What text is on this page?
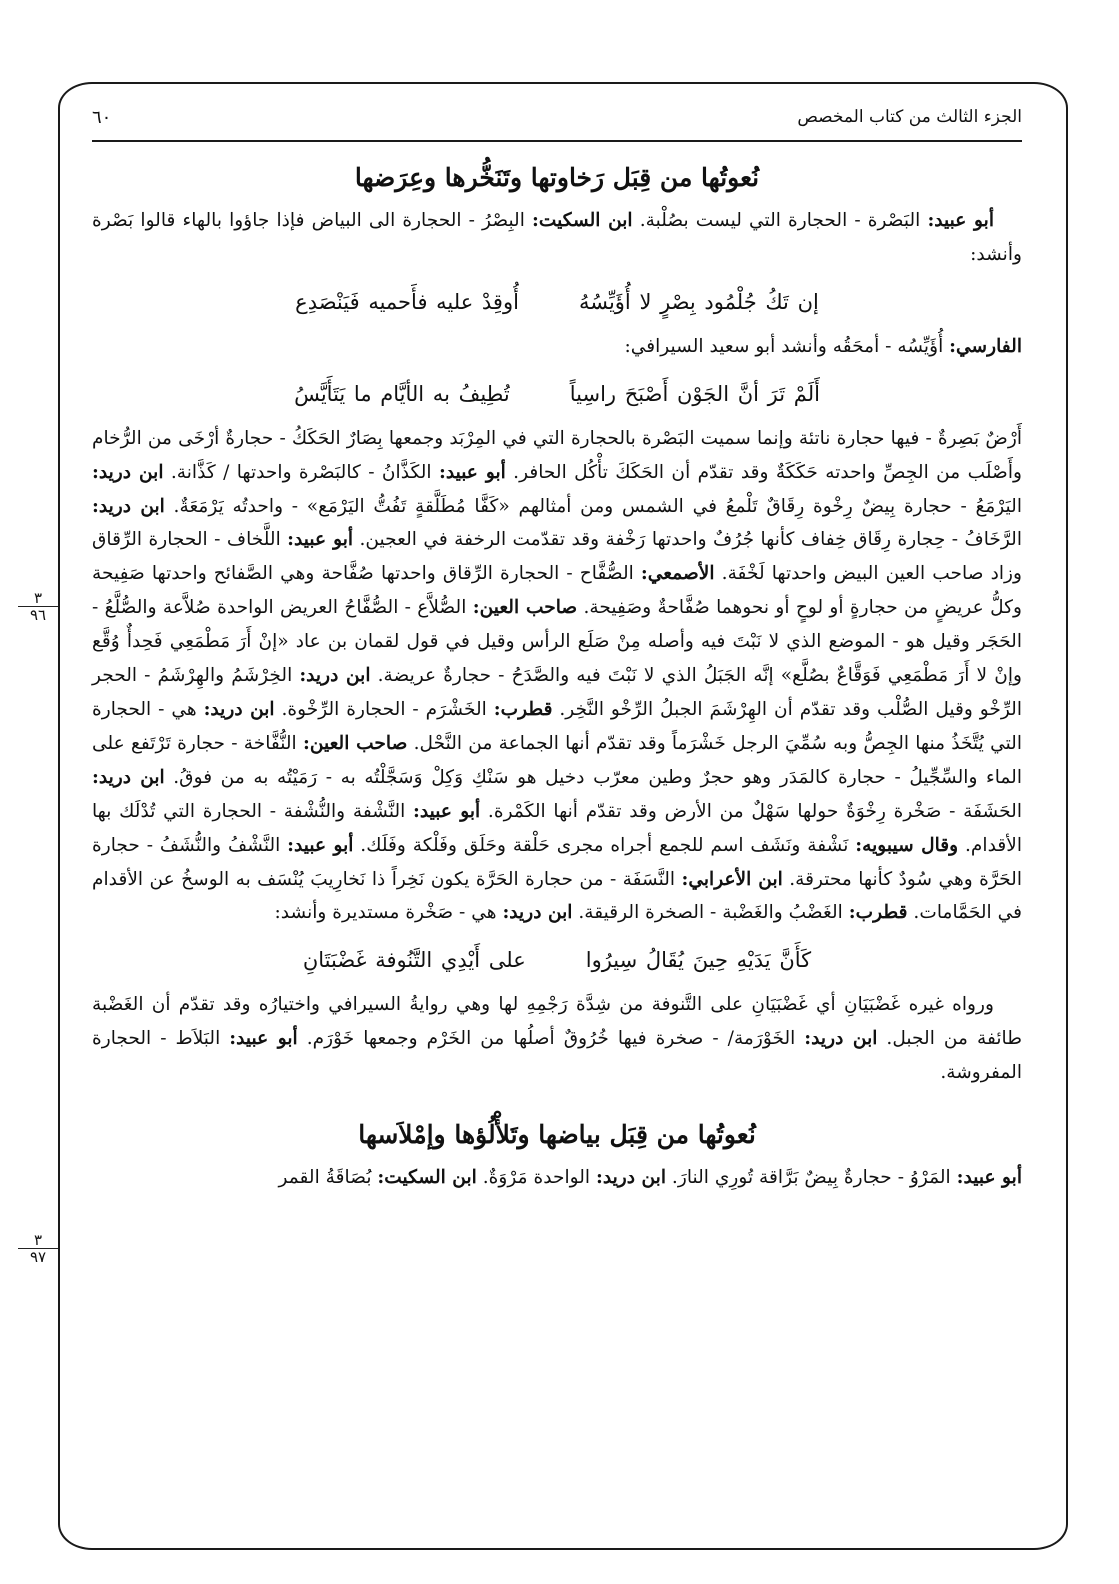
الجزء الثالث من كتاب المخصص
٦٠
٣
٩٦
٣
٩٧
نُعوتُها من قِبَل رَخاوتها وتَنَخُّرها وعِرَضها

أبو عبيد: البَصْرة - الحجارة التي ليست بصُلْبة. ابن السكيت: البِصْرُ - الحجارة الى البياض فإذا جاؤوا بالهاء قالوا بَصْرة وأنشد:

إن تَكُ جُلْمُود بِصْرٍ لا أُؤَيِّسُهُ
أُوقِدْ عليه فأَحميه فَيَنْصَدِع

الفارسي: أُؤَيِّسُه - أمحَقُه وأنشد أبو سعيد السيرافي:

أَلَمْ تَرَ أنَّ الجَوْن أَصْبَحَ راسِياً
تُطِيفُ به الأيَّام ما يَتَأَيَّسُ

أَرْضٌ بَصِرةٌ - فيها حجارة ناتئة وإنما سميت البَصْرة بالحجارة التي في المِرْبَد وجمعها بِصَارٌ الحَكَكُ - حجارةٌ أرْخَى من الرُّخام وأَصْلَب من الجِصِّ واحدته حَكَكَةٌ وقد تقدّم أن الحَكَكَ تأْكُل الحافر. أبو عبيد: الكَذَّانُ - كالبَصْرة واحدتها / كَذَّانة. ابن دريد: اليَرْمَعُ - حجارة بِيضٌ رِخْوة رِقَاقٌ تَلْمعُ في الشمس ومن أمثالهم «كَفَّا مُطَلَّقةٍ تَفُتُّ اليَرْمَع» - واحدتُه يَرْمَعَةٌ. ابن دريد: الرَّخَافُ - حِجارة رِقَاق خِفاف كأنها جُرُفٌ واحدتها رَخْفة وقد تقدّمت الرخفة في العجين. أبو عبيد: اللَّخاف - الحجارة الرِّقاق وزاد صاحب العين البيض واحدتها لَخْفَة. الأصمعي: الصُّفَّاح - الحجارة الرِّقاق واحدتها صُفَّاحة وهي الصَّفائح واحدتها صَفِيحة وكلُّ عريضٍ من حجارةٍ أو لوحٍ أو نحوهما صُفَّاحةٌ وصَفِيحة. صاحب العين: الصُّلاَّع - الصُّفَّاحُ العريض الواحدة صُلاَّعة والصُّلَّعُ - الحَجَر وقيل هو - الموضع الذي لا نَبْتَ فيه وأصله مِنْ صَلَع الرأس وقيل في قول لقمان بن عاد «إنْ أَرَ مَطْمَعِي فَحِدأٌ وُقَّع وإنْ لا أَرَ مَطْمَعِي فَوَقَّاعٌ بصُلَّع» إنَّه الجَبَلُ الذي لا نَبْتَ فيه والصَّدَحُ - حجارةٌ عريضة. ابن دريد: الخِرْشَمُ والهِرْشَمُ - الحجر الرِّخْو وقيل الصُّلْب وقد تقدّم أن الهِرْشَمَ الجبلُ الرِّخْو النَّخِر. قطرب: الخَشْرَم - الحجارة الرِّخْوة. ابن دريد: هي - الحجارة التي يُتَّخَذُ منها الجِصُّ وبه سُمِّيَ الرجل خَشْرَماً وقد تقدّم أنها الجماعة من النَّحْل. صاحب العين: النُّفَّاخة - حجارة تَرْتَفع على الماء والسِّجِّيلُ - حجارة كالمَدَر وهو حجرٌ وطين معرّب دخيل هو سَنْكِ وَكِلْ وَسَجَّلْتُه به - رَمَيْتُه به من فوقُ. ابن دريد: الحَشَفَة - صَخْرة رِخْوَةٌ حولها سَهْلٌ من الأرض وقد تقدّم أنها الكَمْرة. أبو عبيد: النَّشْفة والنُّشْفة - الحجارة التي تُدْلَك بها الأقدام. وقال سيبويه: نَشْفة ونَشَف اسم للجمع أجراه مجرى حَلْقة وحَلَق وفَلْكة وفَلَك. أبو عبيد: النَّشْفُ والنُّشَفُ - حجارة الحَرَّة وهي سُودٌ كأنها محترقة. ابن الأعرابي: النَّسَفَة - من حجارة الحَرَّة يكون نَخِراً ذا نَخارِيبَ يُنْسَف به الوسخُ عن الأقدام في الحَمَّامات. قطرب: الغَضْبُ والغَضْبة - الصخرة الرقيقة. ابن دريد: هي - صَخْرة مستديرة وأنشد:

كَأَنَّ يَدَيْهِ حِينَ يُقَالُ سِيرُوا
على أَيْدِي التَّنُوفة غَضْبَتَانِ

ورواه غيره غَضْبَيَانِ أي غَضْبَيَانِ على التَّنوفة من شِدَّة رَجْمِهِ لها وهي روايةُ السيرافي واختيارُه وقد تقدّم أن الغَضْبة طائفة من الجبل. ابن دريد: الخَوْرَمة/ - صخرة فيها خُرُوقٌ أصلُها من الخَرْم وجمعها خَوْرَم. أبو عبيد: البَلاَط - الحجارة المفروشة.

نُعوتُها من قِبَل بياضها وتَلأْلُؤها وإمْلاَسها

أبو عبيد: المَرْوُ - حجارةٌ بِيضٌ بَرَّاقة تُورِي النارَ. ابن دريد: الواحدة مَرْوَةٌ. ابن السكيت: بُصَاقَةُ القمر
